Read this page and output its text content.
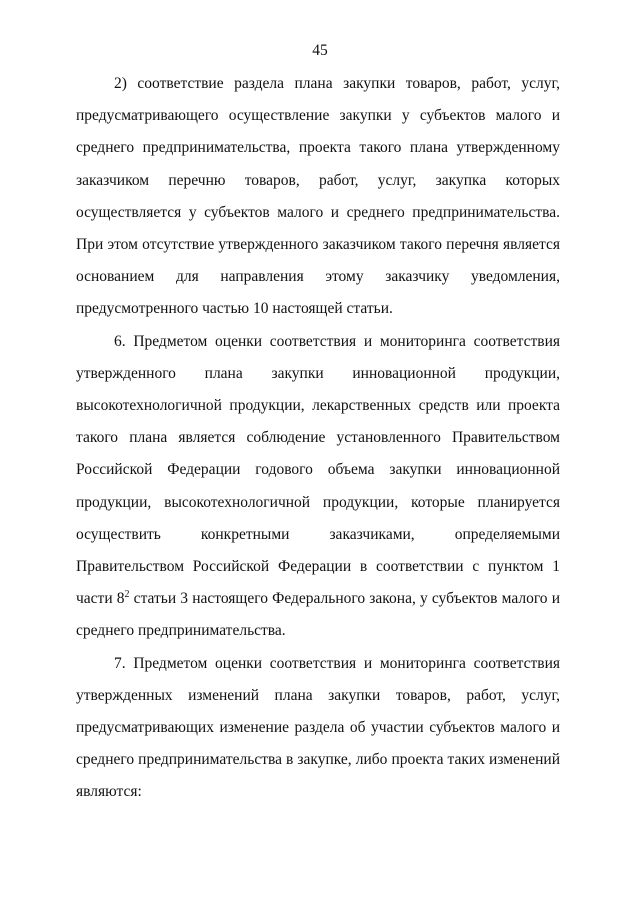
45

2) соответствие раздела плана закупки товаров, работ, услуг, предусматривающего осуществление закупки у субъектов малого и среднего предпринимательства, проекта такого плана утвержденному заказчиком перечню товаров, работ, услуг, закупка которых осуществляется у субъектов малого и среднего предпринимательства. При этом отсутствие утвержденного заказчиком такого перечня является основанием для направления этому заказчику уведомления, предусмотренного частью 10 настоящей статьи.

6. Предметом оценки соответствия и мониторинга соответствия утвержденного плана закупки инновационной продукции, высокотехнологичной продукции, лекарственных средств или проекта такого плана является соблюдение установленного Правительством Российской Федерации годового объема закупки инновационной продукции, высокотехнологичной продукции, которые планируется осуществить конкретными заказчиками, определяемыми Правительством Российской Федерации в соответствии с пунктом 1 части $8^2$ статьи 3 настоящего Федерального закона, у субъектов малого и среднего предпринимательства.

7. Предметом оценки соответствия и мониторинга соответствия утвержденных изменений плана закупки товаров, работ, услуг, предусматривающих изменение раздела об участии субъектов малого и среднего предпринимательства в закупке, либо проекта таких изменений являются:
